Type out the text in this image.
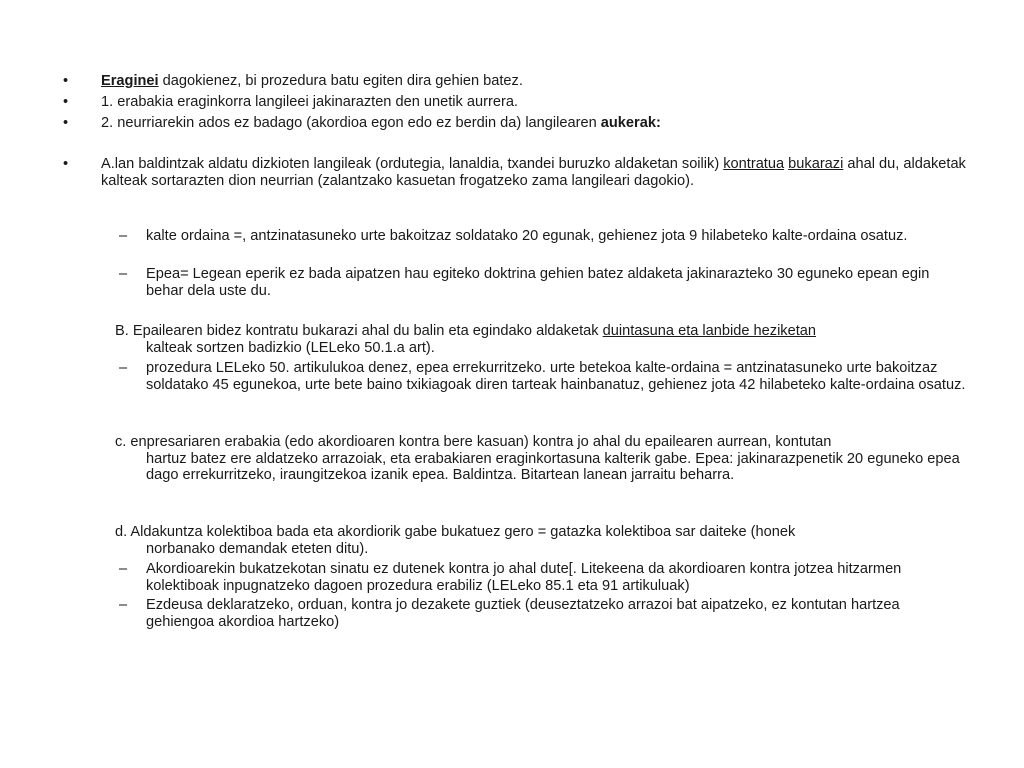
•	Eraginei dagokienez, bi prozedura batu egiten dira gehien batez.

•	1. erabakia eraginkorra langileei jakinarazten den unetik aurrera.

•	2. neurriarekin ados ez badago (akordioa egon edo ez berdin da) langilearen aukerak:

•	A.lan baldintzak aldatu dizkioten langileak (ordutegia, lanaldia, txandei buruzko aldaketan soilik) kontratua bukarazi ahal du, aldaketak kalteak sortarazten dion neurrian (zalantzako kasuetan frogatzeko zama langileari dagokio).

–	kalte ordaina =, antzinatasuneko urte bakoitzaz soldatako 20 egunak, gehienez jota 9 hilabeteko kalte-ordaina osatuz.

–	Epea= Legean eperik ez bada aipatzen hau egiteko doktrina gehien batez aldaketa jakinarazteko 30 eguneko epean egin behar dela uste du.

B. Epailearen bidez kontratu bukarazi ahal du balin eta egindako aldaketak duintasuna eta lanbide heziketan
kalteak sortzen badizkio (LELeko 50.1.a art).

–	prozedura LELeko 50. artikulukoa denez, epea errekurritzeko. urte betekoa kalte-ordaina = antzinatasuneko urte bakoitzaz soldatako 45 egunekoa, urte bete baino txikiagoak diren tarteak hainbanatuz, gehienez jota 42 hilabeteko kalte-ordaina osatuz.

c. enpresariaren erabakia (edo akordioaren kontra bere kasuan) kontra jo ahal du epailearen aurrean, kontutan
hartuz batez ere aldatzeko arrazoiak, eta erabakiaren eraginkortasuna kalterik gabe. Epea: jakinarazpenetik 20 eguneko epea dago errekurritzeko, iraungitzekoa izanik epea. Baldintza. Bitartean lanean jarraitu beharra.

d. Aldakuntza kolektiboa bada eta akordiorik gabe bukatuez gero = gatazka kolektiboa sar daiteke (honek
norbanako demandak eteten ditu).

–	Akordioarekin bukatzekotan sinatu ez dutenek kontra jo ahal dute[. Litekeena da akordioaren kontra jotzea hitzarmen kolektiboak inpugnatzeko dagoen prozedura erabiliz (LELeko 85.1 eta 91 artikuluak)

–	Ezdeusa deklaratzeko, orduan, kontra jo dezakete guztiek (deuseztatzeko arrazoi bat aipatzeko, ez kontutan hartzea gehiengoa akordioa hartzeko)
